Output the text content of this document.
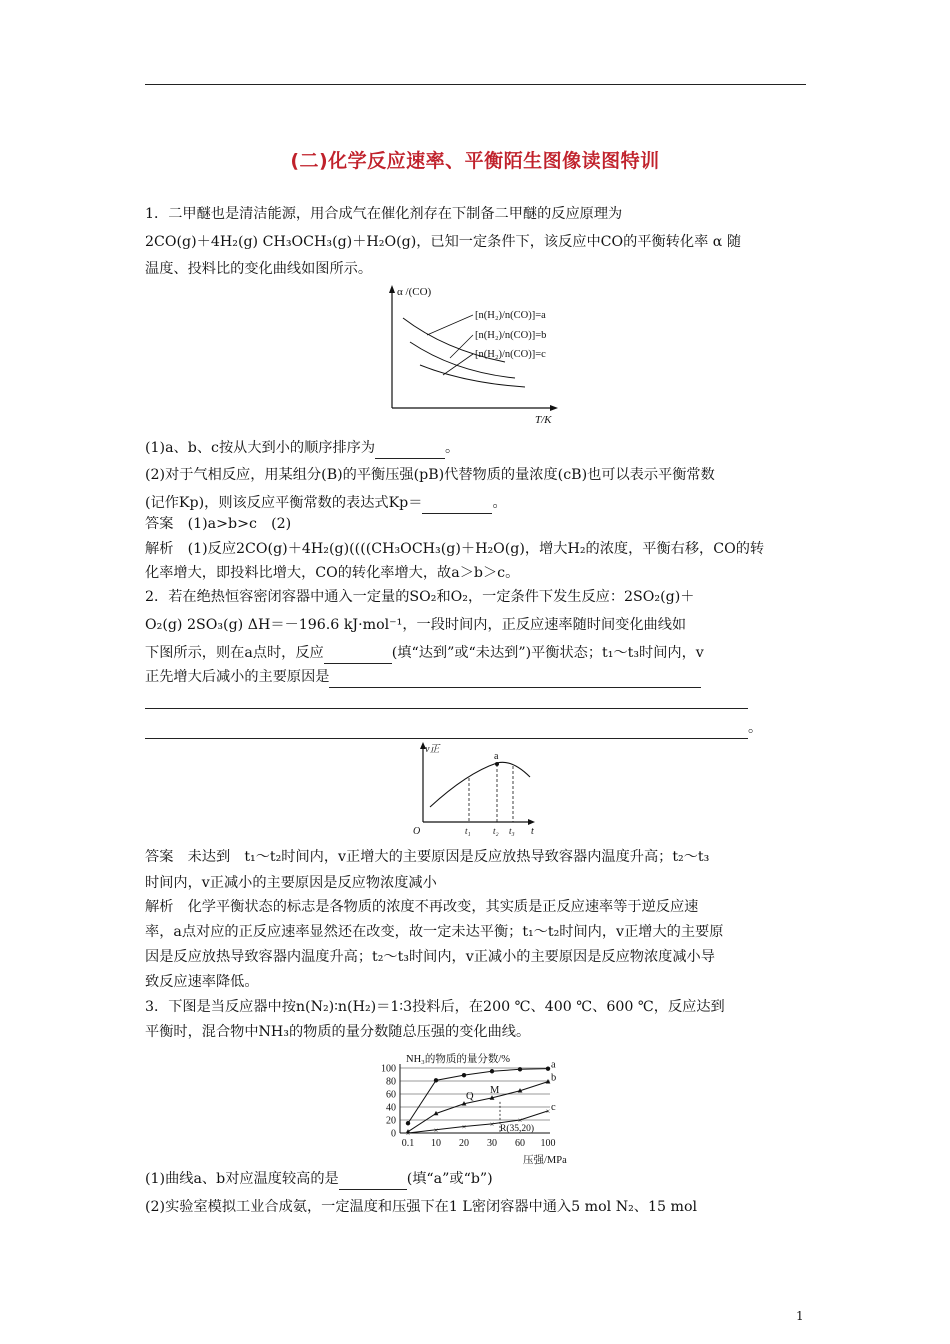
(二)化学反应速率、平衡陌生图像读图特训
1．二甲醚也是清洁能源，用合成气在催化剂存在下制备二甲醚的反应原理为
2CO(g)＋4H₂(g) CH₃OCH₃(g)＋H₂O(g)，已知一定条件下，该反应中CO的平衡转化率 α 随
温度、投料比的变化曲线如图所示。
α /(CO)
T/K
[n(H₂)/n(CO)]=a
[n(H₂)/n(CO)]=b
[n(H₂)/n(CO)]=c
(1)a、b、c按从大到小的顺序排序为	。
(2)对于气相反应，用某组分(B)的平衡压强(pB)代替物质的量浓度(cB)也可以表示平衡常数
(记作Kp)，则该反应平衡常数的表达式Kp＝	。
答案　(1)a>b>c　(2)
解析　(1)反应2CO(g)＋4H₂(g)((((CH₃OCH₃(g)＋H₂O(g)，增大H₂的浓度，平衡右移，CO的转
化率增大，即投料比增大，CO的转化率增大，故a＞b＞c。
2．若在绝热恒容密闭容器中通入一定量的SO₂和O₂，一定条件下发生反应：2SO₂(g)＋
O₂(g) 2SO₃(g) ΔH＝－196.6 kJ·mol⁻¹，一段时间内，正反应速率随时间变化曲线如
下图所示，则在a点时，反应	(填“达到”或“未达到”)平衡状态；t₁～t₃时间内，v
正先增大后减小的主要原因是
。
v正
a
O	t₁ t₂ t₃ t
答案　未达到　t₁～t₂时间内，v正增大的主要原因是反应放热导致容器内温度升高；t₂～t₃
时间内，v正减小的主要原因是反应物浓度减小
解析　化学平衡状态的标志是各物质的浓度不再改变，其实质是正反应速率等于逆反应速
率，a点对应的正反应速率显然还在改变，故一定未达平衡；t₁～t₂时间内，v正增大的主要原
因是反应放热导致容器内温度升高；t₂～t₃时间内，v正减小的主要原因是反应物浓度减小导
致反应速率降低。
3．下图是当反应器中按n(N₂)∶n(H₂)＝1∶3投料后，在200 ℃、400 ℃、600 ℃，反应达到
平衡时，混合物中NH₃的物质的量分数随总压强的变化曲线。
NH₃的物质的量分数/%
压强/MPa
0
20
40
60
80
100
0.1 10 20 30 60 100
a
b
×	×	×	×	×
× c
Q
M
R(35,20)
(1)曲线a、b对应温度较高的是	(填“a”或“b”)
(2)实验室模拟工业合成氨，一定温度和压强下在1 L密闭容器中通入5 mol N₂、15 mol
1
